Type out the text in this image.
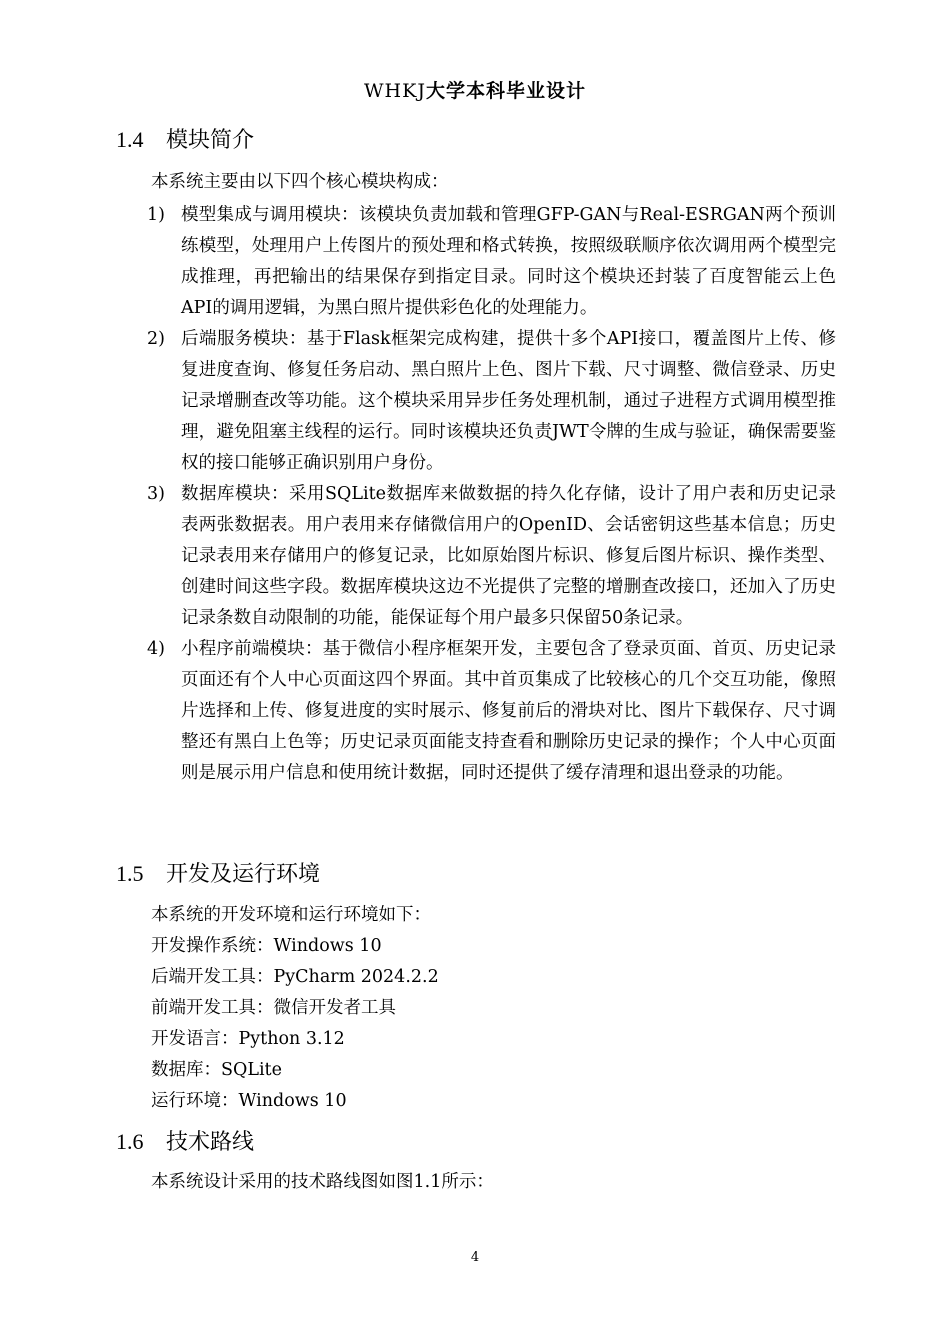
WHKJ大学本科毕业设计
1.4 模块简介
本系统主要由以下四个核心模块构成：
1) 模型集成与调用模块：该模块负责加载和管理GFP-GAN与Real-ESRGAN两个预训练模型，处理用户上传图片的预处理和格式转换，按照级联顺序依次调用两个模型完成推理，再把输出的结果保存到指定目录。同时这个模块还封装了百度智能云上色API的调用逻辑，为黑白照片提供彩色化的处理能力。
2) 后端服务模块：基于Flask框架完成构建，提供十多个API接口，覆盖图片上传、修复进度查询、修复任务启动、黑白照片上色、图片下载、尺寸调整、微信登录、历史记录增删查改等功能。这个模块采用异步任务处理机制，通过子进程方式调用模型推理，避免阻塞主线程的运行。同时该模块还负责JWT令牌的生成与验证，确保需要鉴权的接口能够正确识别用户身份。
3) 数据库模块：采用SQLite数据库来做数据的持久化存储，设计了用户表和历史记录表两张数据表。用户表用来存储微信用户的OpenID、会话密钥这些基本信息；历史记录表用来存储用户的修复记录，比如原始图片标识、修复后图片标识、操作类型、创建时间这些字段。数据库模块这边不光提供了完整的增删查改接口，还加入了历史记录条数自动限制的功能，能保证每个用户最多只保留50条记录。
4) 小程序前端模块：基于微信小程序框架开发，主要包含了登录页面、首页、历史记录页面还有个人中心页面这四个界面。其中首页集成了比较核心的几个交互功能，像照片选择和上传、修复进度的实时展示、修复前后的滑块对比、图片下载保存、尺寸调整还有黑白上色等；历史记录页面能支持查看和删除历史记录的操作；个人中心页面则是展示用户信息和使用统计数据，同时还提供了缓存清理和退出登录的功能。
1.5 开发及运行环境
本系统的开发环境和运行环境如下：
开发操作系统：Windows 10
后端开发工具：PyCharm 2024.2.2
前端开发工具：微信开发者工具
开发语言：Python 3.12
数据库：SQLite
运行环境：Windows 10
1.6 技术路线
本系统设计采用的技术路线图如图1.1所示：
4
